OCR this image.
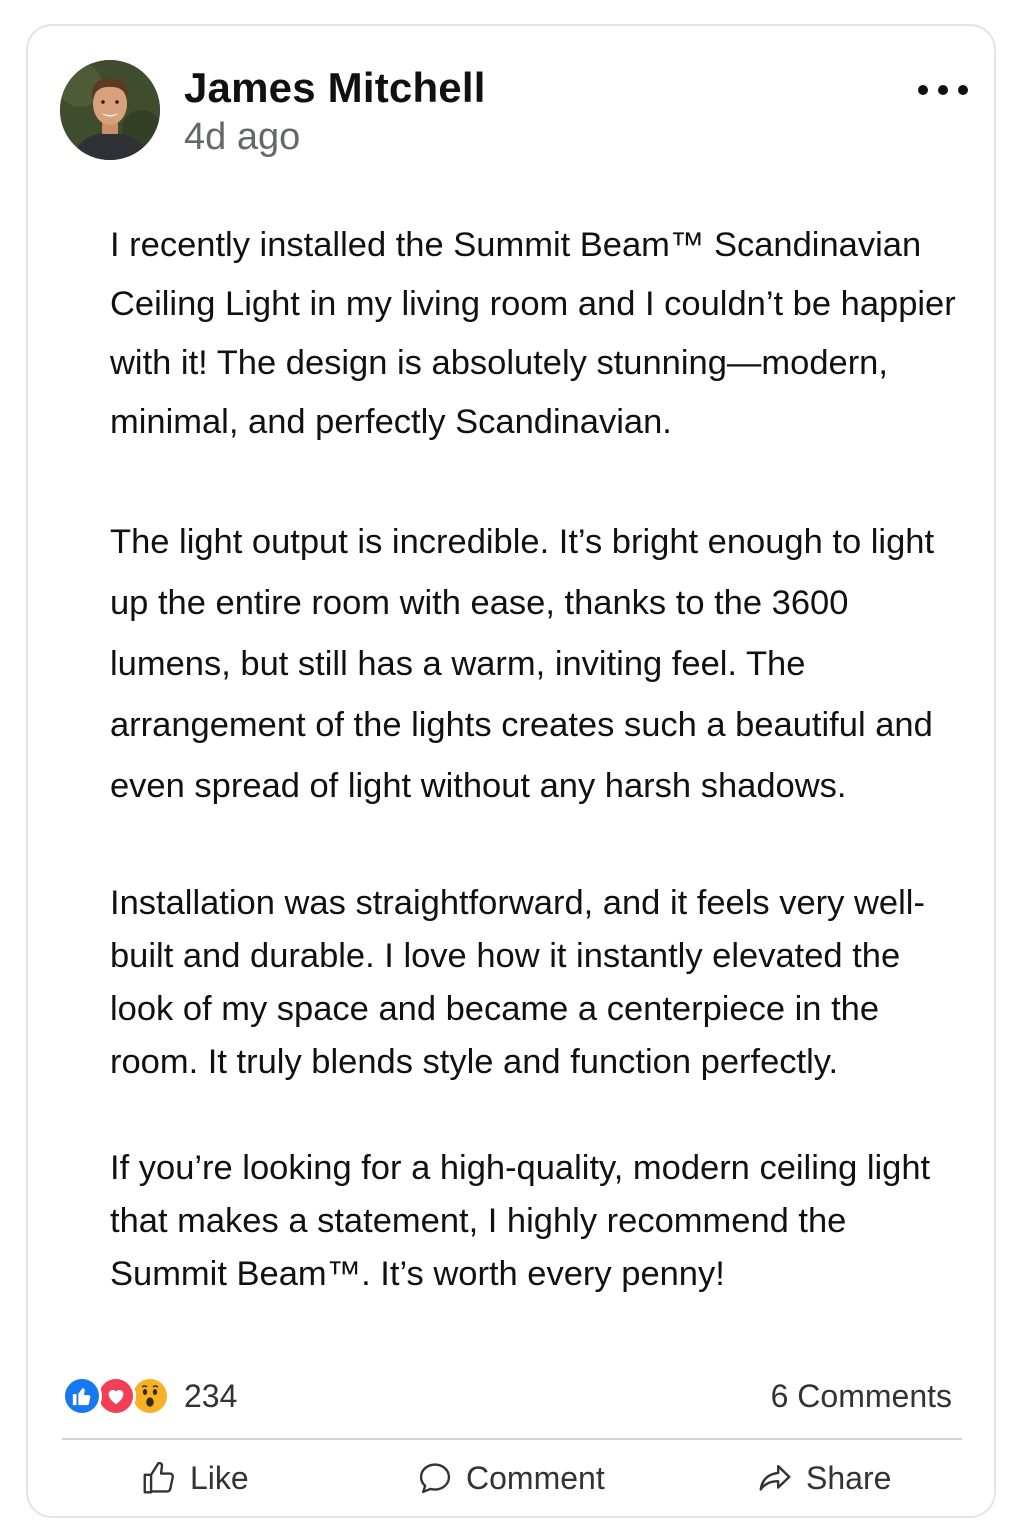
James Mitchell
4d ago

I recently installed the Summit Beam™ Scandinavian Ceiling Light in my living room and I couldn’t be happier with it! The design is absolutely stunning—modern, minimal, and perfectly Scandinavian.

The light output is incredible. It’s bright enough to light up the entire room with ease, thanks to the 3600 lumens, but still has a warm, inviting feel. The arrangement of the lights creates such a beautiful and even spread of light without any harsh shadows.

Installation was straightforward, and it feels very well-built and durable. I love how it instantly elevated the look of my space and became a centerpiece in the room. It truly blends style and function perfectly.

If you’re looking for a high-quality, modern ceiling light that makes a statement, I highly recommend the Summit Beam™. It’s worth every penny!

234	6 Comments
Like	Comment	Share
